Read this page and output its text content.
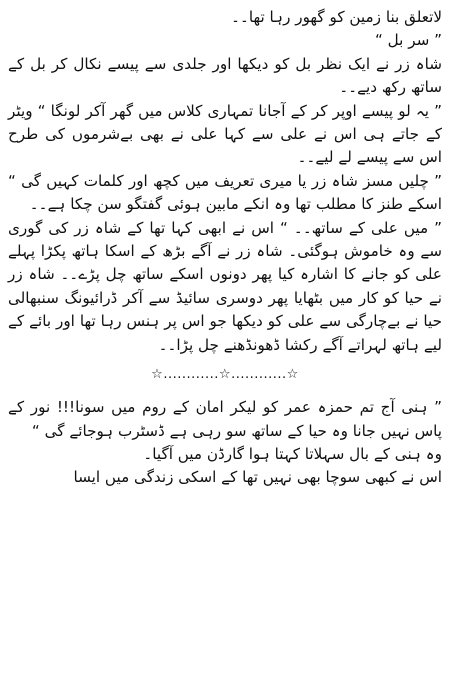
لاتعلق بنا زمین کو گھور رہا تھا۔۔

” سر بل “

شاہ زر نے ایک نظر بل کو دیکھا اور جلدی سے پیسے نکال کر بل کے ساتھ رکھ دیے۔۔

” یہ لو پیسے اوپر کر کے آجانا تمہاری کلاس میں گھر آکر لونگا “ ویٹر کے جاتے ہی اس نے علی سے کہا علی نے بھی بےشرموں کی طرح اس سے پیسے لے لیے۔۔

” چلیں مسز شاہ زر یا میری تعریف میں کچھ اور کلمات کہیں گی “ اسکے طنز کا مطلب تھا وہ انکے مابین ہوئی گفتگو سن چکا ہے۔۔

” میں علی کے ساتھ۔۔ “ اس نے ابھی کہا تھا کے شاہ زر کی گوری سے وہ خاموش ہوگئی۔ شاہ زر نے آگے بڑھ کے اسکا ہاتھ پکڑا پہلے علی کو جانے کا اشارہ کیا پھر دونوں اسکے ساتھ چل پڑے۔۔ شاہ زر نے حیا کو کار میں بٹھایا پھر دوسری سائیڈ سے آکر ڈرائیونگ سنبھالی حیا نے بےچارگی سے علی کو دیکھا جو اس پر ہنس رہا تھا اور بائے کے لیے ہاتھ لہراتے آگے رکشا ڈھونڈھنے چل پڑا۔۔

☆............☆............☆

” ہنی آج تم حمزہ عمر کو لیکر امان کے روم میں سونا!!! نور کے پاس نہیں جانا وہ حیا کے ساتھ سو رہی ہے ڈسٹرب ہوجائے گی “

وہ ہنی کے بال سہلاتا کہتا ہوا گارڈن میں آگیا۔

اس نے کبھی سوچا بھی نہیں تھا کے اسکی زندگی میں ایسا
